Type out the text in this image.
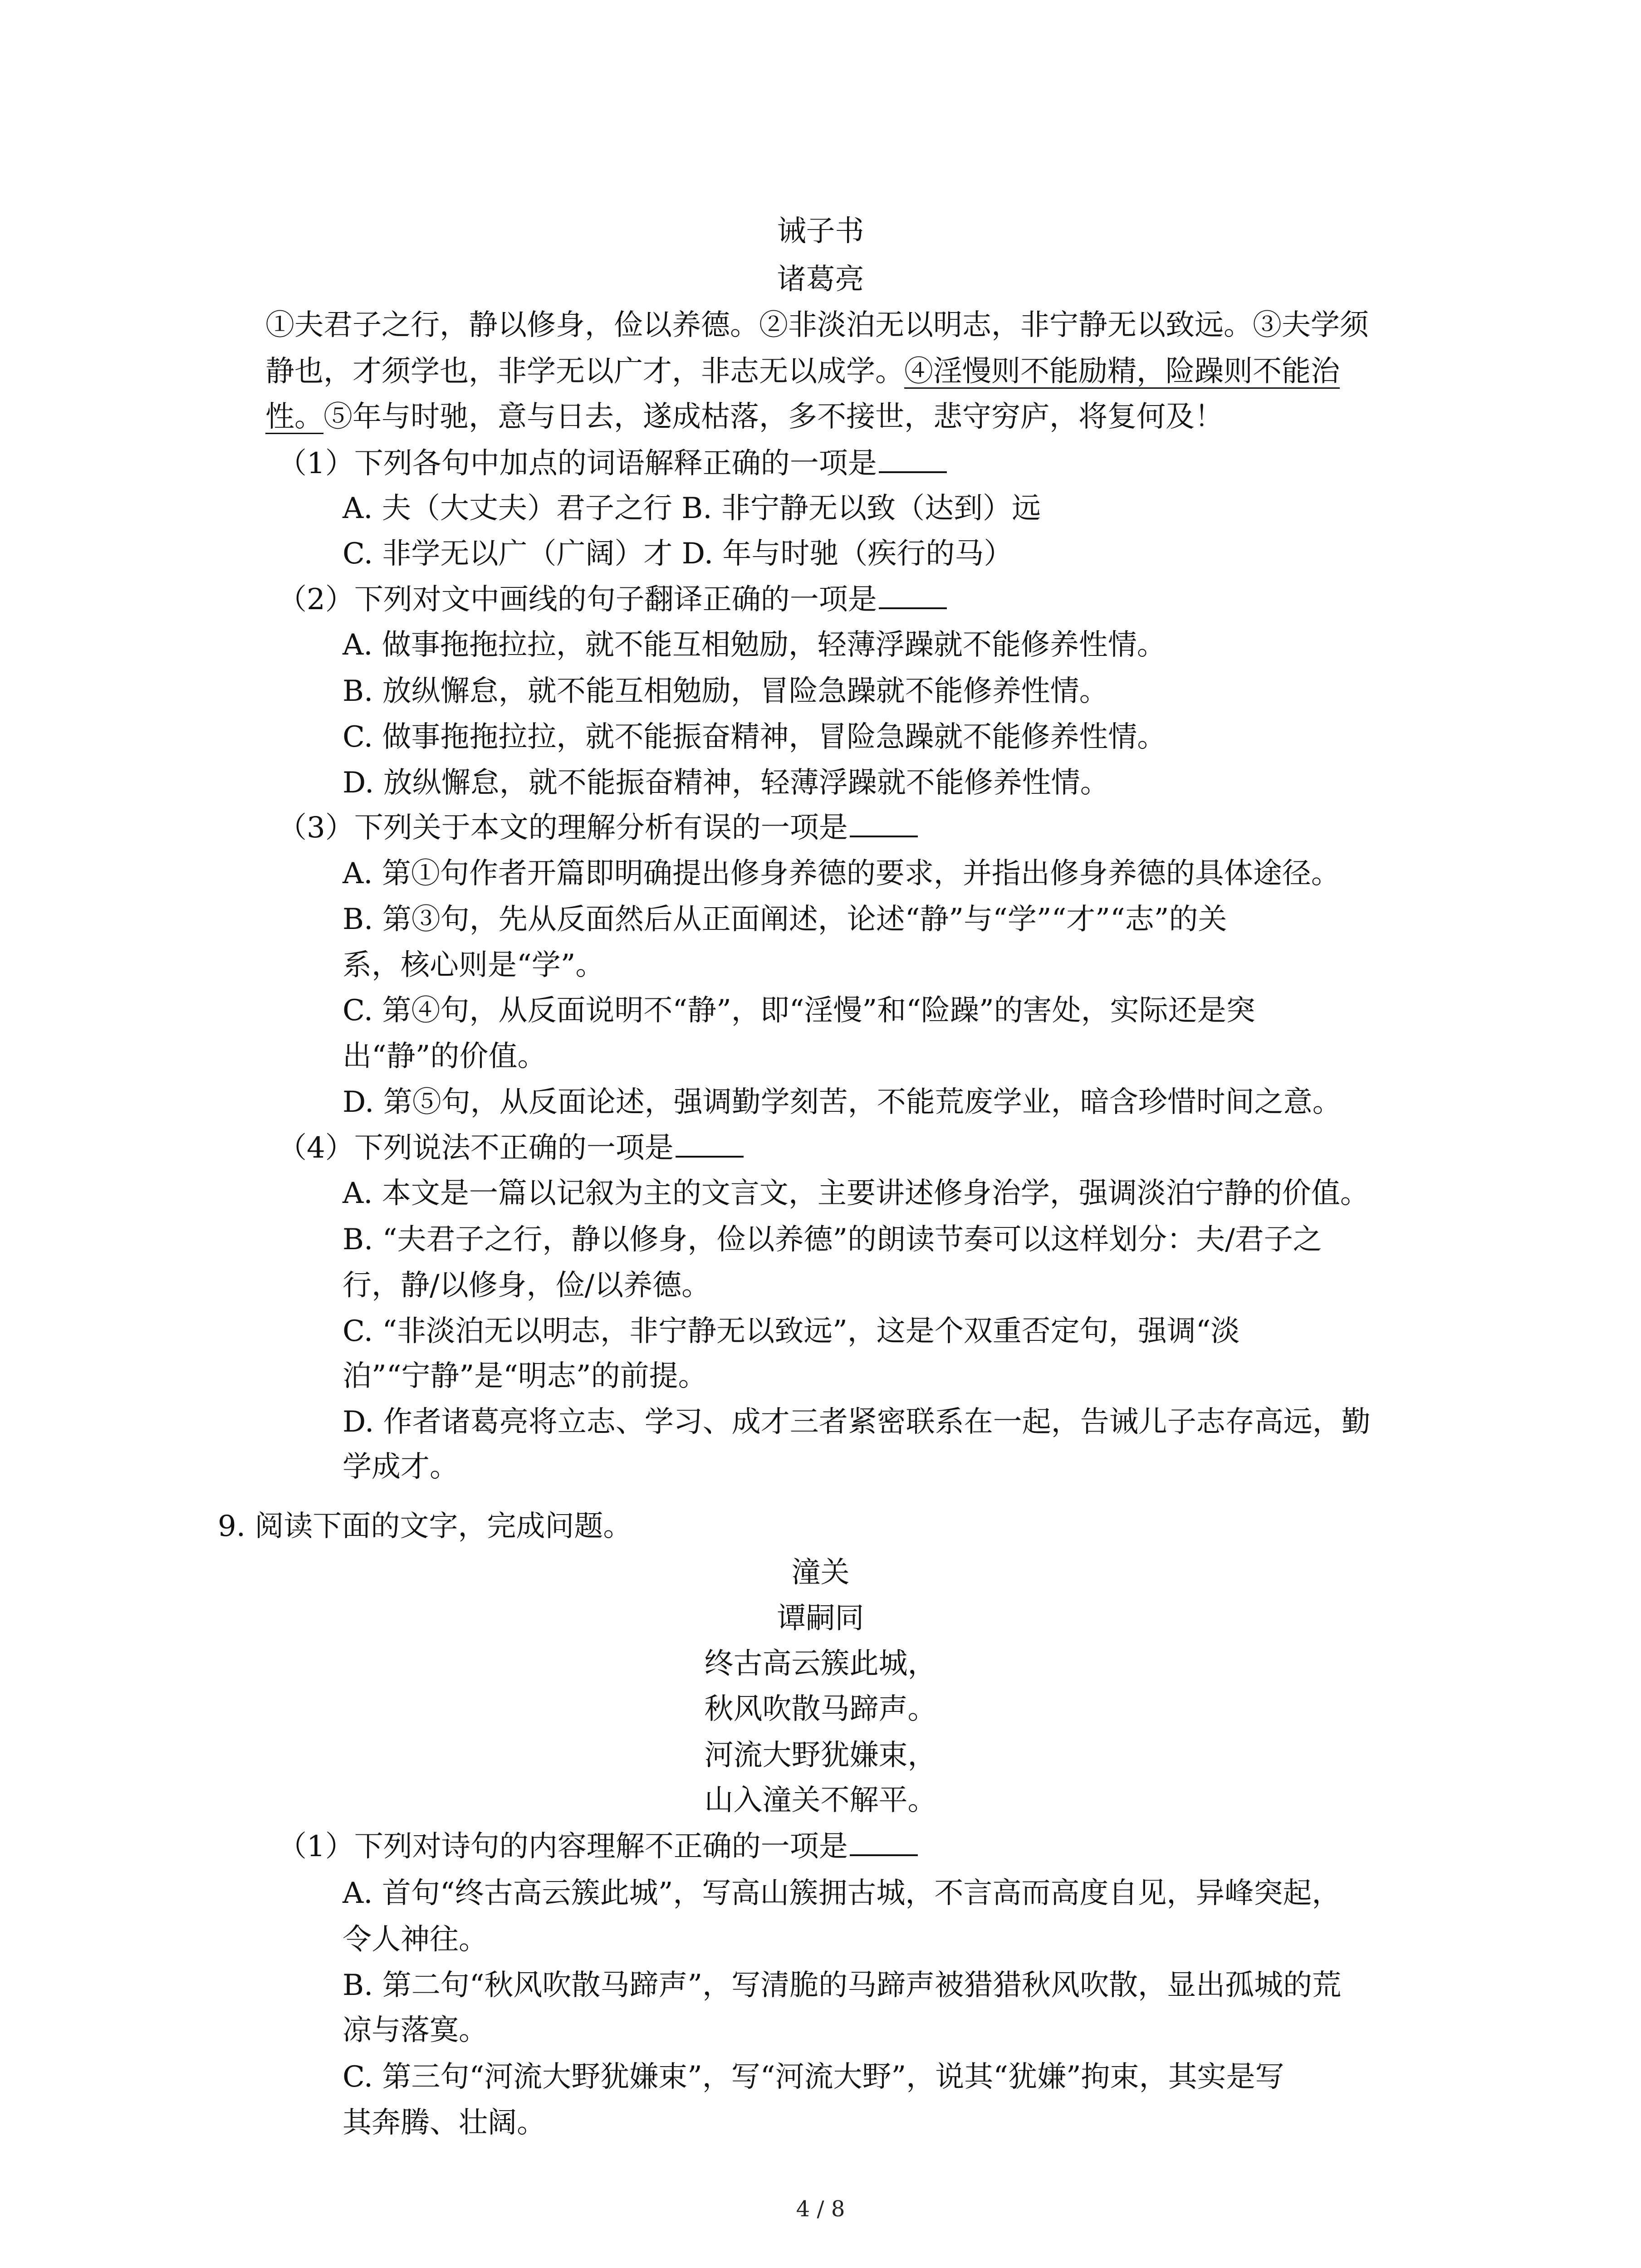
诫子书
诸葛亮
①夫君子之行，静以修身，俭以养德。②非淡泊无以明志，非宁静无以致远。③夫学须
静也，才须学也，非学无以广才，非志无以成学。④淫慢则不能励精，险躁则不能治
性。⑤年与时驰，意与日去，遂成枯落，多不接世，悲守穷庐，将复何及！
（1）下列各句中加点的词语解释正确的一项是
A. 夫（大丈夫）君子之行 B. 非宁静无以致（达到）远
C. 非学无以广（广阔）才 D. 年与时驰（疾行的马）
（2）下列对文中画线的句子翻译正确的一项是
A. 做事拖拖拉拉，就不能互相勉励，轻薄浮躁就不能修养性情。
B. 放纵懈怠，就不能互相勉励，冒险急躁就不能修养性情。
C. 做事拖拖拉拉，就不能振奋精神，冒险急躁就不能修养性情。
D. 放纵懈怠，就不能振奋精神，轻薄浮躁就不能修养性情。
（3）下列关于本文的理解分析有误的一项是
A. 第①句作者开篇即明确提出修身养德的要求，并指出修身养德的具体途径。
B. 第③句，先从反面然后从正面阐述，论述“静”与“学”“才”“志”的关
系，核心则是“学”。
C. 第④句，从反面说明不“静”，即“淫慢”和“险躁”的害处，实际还是突
出“静”的价值。
D. 第⑤句，从反面论述，强调勤学刻苦，不能荒废学业，暗含珍惜时间之意。
（4）下列说法不正确的一项是
A. 本文是一篇以记叙为主的文言文，主要讲述修身治学，强调淡泊宁静的价值。
B. “夫君子之行，静以修身，俭以养德”的朗读节奏可以这样划分：夫/君子之
行，静/以修身，俭/以养德。
C. “非淡泊无以明志，非宁静无以致远”，这是个双重否定句，强调“淡
泊”“宁静”是“明志”的前提。
D. 作者诸葛亮将立志、学习、成才三者紧密联系在一起，告诫儿子志存高远，勤
学成才。
9. 阅读下面的文字，完成问题。
潼关
谭嗣同
终古高云簇此城，
秋风吹散马蹄声。
河流大野犹嫌束，
山入潼关不解平。
（1）下列对诗句的内容理解不正确的一项是
A. 首句“终古高云簇此城”，写高山簇拥古城，不言高而高度自见，异峰突起，
令人神往。
B. 第二句“秋风吹散马蹄声”，写清脆的马蹄声被猎猎秋风吹散，显出孤城的荒
凉与落寞。
C. 第三句“河流大野犹嫌束”，写“河流大野”，说其“犹嫌”拘束，其实是写
其奔腾、壮阔。
4 / 8
